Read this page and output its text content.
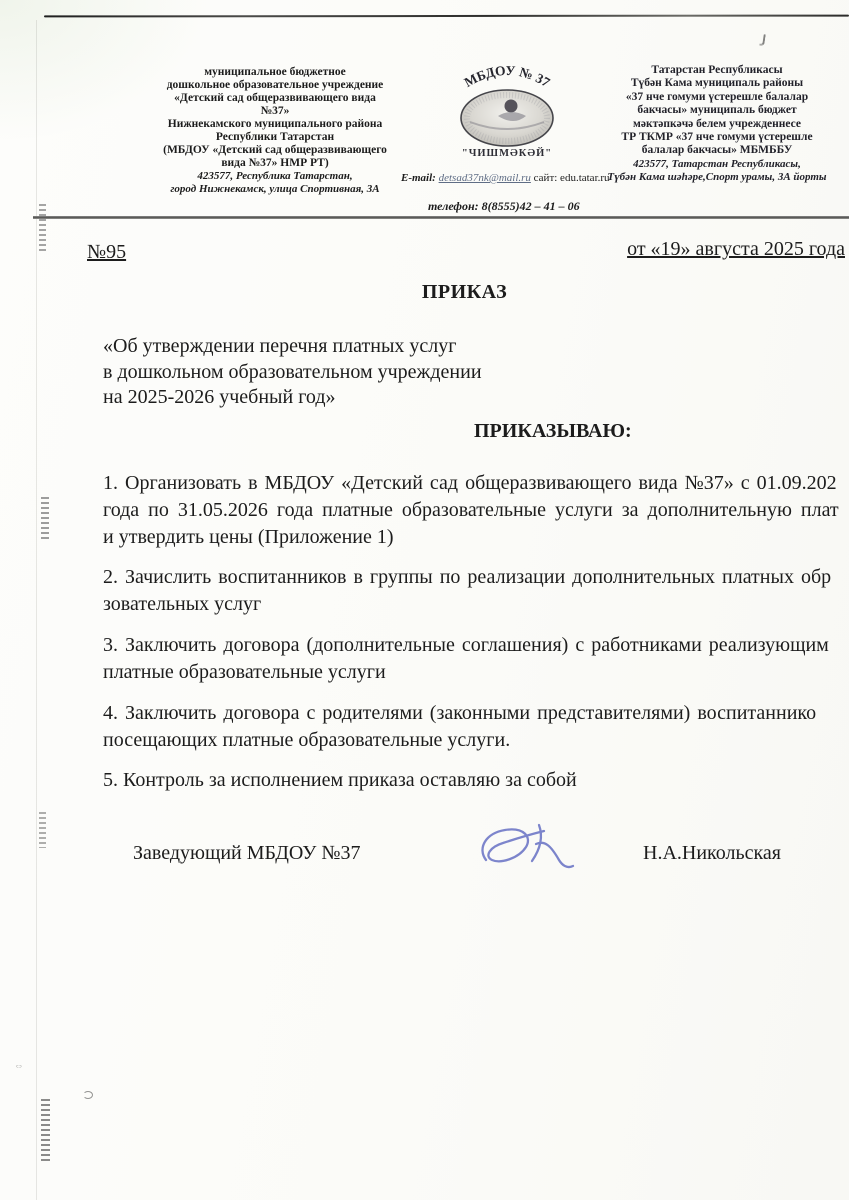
ᶜᵓ
муниципальное бюджетное
дошкольное образовательное учреждение
«Детский сад общеразвивающего вида
№37»
Нижнекамского муниципального района
Республики Татарстан
(МБДОУ «Детский сад общеразвивающего
вида №37» НМР РТ)
423577, Республика Татарстан,
город Нижнекамск, улица Спортивная, 3А
МБДОУ № 37
"ЧИШМӘКӘЙ"
Татарстан Республикасы
Түбән Кама муниципаль районы
«37 нче гомуми үстерешле балалар
бакчасы» муниципаль бюджет
мәктәпкәчә белем учрежденнесе
ТР ТКМР «37 нче гомуми үстерешле
балалар бакчасы» МБМББУ
423577, Татарстан Республикасы,
Түбән Кама шәһәре,Спорт урамы, 3А йорты
E-mail: detsad37nk@mail.ru сайт: edu.tatar.ru
телефон: 8(8555)42 – 41 – 06
№95	от «19» августа 2025 года
ПРИКАЗ
«Об утверждении перечня платных услуг
в дошкольном образовательном учреждении
на 2025-2026 учебный год»
ПРИКАЗЫВАЮ:
1. Организовать в МБДОУ «Детский сад общеразвивающего вида №37» с 01.09.202
года по 31.05.2026 года платные образовательные услуги за дополнительную плат
и утвердить цены (Приложение 1)
2. Зачислить воспитанников в группы по реализации дополнительных платных обр
зовательных услуг
3. Заключить договора (дополнительные соглашения) с работниками реализующим
платные образовательные услуги
4. Заключить договора с родителями (законными представителями) воспитаннико
посещающих платные образовательные услуги.
5. Контроль за исполнением приказа оставляю за собой
Заведующий МБДОУ №37	Н.А.Никольская
